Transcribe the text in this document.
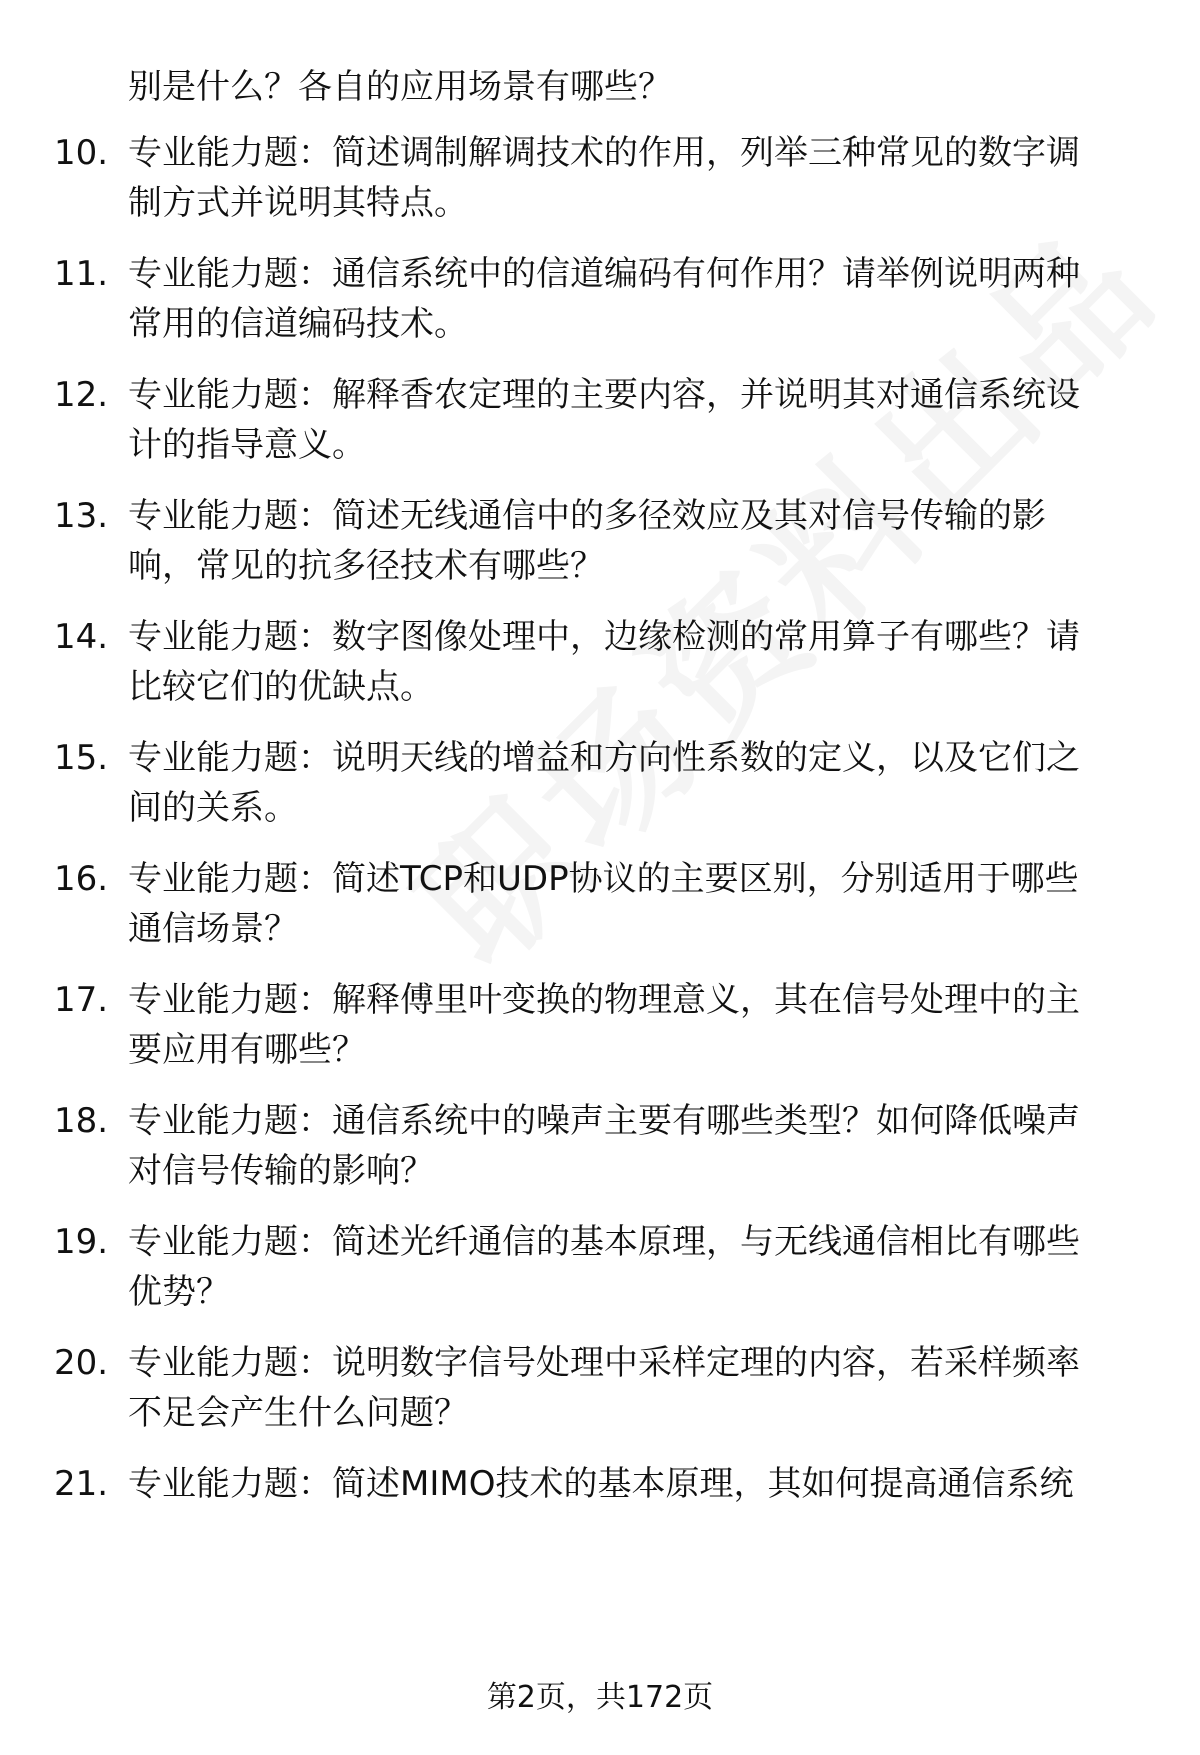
别是什么？各自的应用场景有哪些？
10. 专业能力题：简述调制解调技术的作用，列举三种常见的数字调
制方式并说明其特点。
11. 专业能力题：通信系统中的信道编码有何作用？请举例说明两种
常用的信道编码技术。
12. 专业能力题：解释香农定理的主要内容，并说明其对通信系统设
计的指导意义。
13. 专业能力题：简述无线通信中的多径效应及其对信号传输的影
响，常见的抗多径技术有哪些？
14. 专业能力题：数字图像处理中，边缘检测的常用算子有哪些？请
比较它们的优缺点。
15. 专业能力题：说明天线的增益和方向性系数的定义，以及它们之
间的关系。
16. 专业能力题：简述TCP和UDP协议的主要区别，分别适用于哪些
通信场景？
17. 专业能力题：解释傅里叶变换的物理意义，其在信号处理中的主
要应用有哪些？
18. 专业能力题：通信系统中的噪声主要有哪些类型？如何降低噪声
对信号传输的影响？
19. 专业能力题：简述光纤通信的基本原理，与无线通信相比有哪些
优势？
20. 专业能力题：说明数字信号处理中采样定理的内容，若采样频率
不足会产生什么问题？
21. 专业能力题：简述MIMO技术的基本原理，其如何提高通信系统
第2页，共172页
